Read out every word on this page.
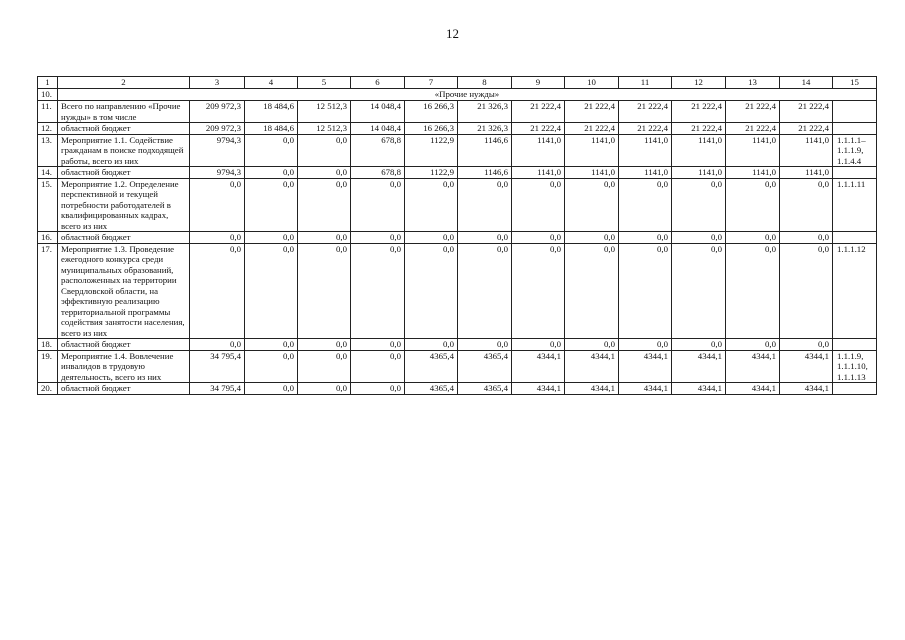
12
1	2	3	4	5	6	7	8	9	10	11	12	13	14	15
10.	«Прочие нужды»													
11.	Всего по направлению «Прочие нужды» в том числе	209 972,3	18 484,6	12 512,3	14 048,4	16 266,3	21 326,3	21 222,4	21 222,4	21 222,4	21 222,4	21 222,4	21 222,4	
12.	областной бюджет	209 972,3	18 484,6	12 512,3	14 048,4	16 266,3	21 326,3	21 222,4	21 222,4	21 222,4	21 222,4	21 222,4	21 222,4	
13.	Мероприятие 1.1. Содействие гражданам в поиске подходящей работы, всего из них	9794,3	0,0	0,0	678,8	1122,9	1146,6	1141,0	1141,0	1141,0	1141,0	1141,0	1141,0	1.1.1.1– 1.1.1.9, 1.1.4.4
14.	областной бюджет	9794,3	0,0	0,0	678,8	1122,9	1146,6	1141,0	1141,0	1141,0	1141,0	1141,0	1141,0	
15.	Мероприятие 1.2. Определение перспективной и текущей потребности работодателей в квалифицированных кадрах, всего из них	0,0	0,0	0,0	0,0	0,0	0,0	0,0	0,0	0,0	0,0	0,0	0,0	1.1.1.11
16.	областной бюджет	0,0	0,0	0,0	0,0	0,0	0,0	0,0	0,0	0,0	0,0	0,0	0,0	
17.	Мероприятие 1.3. Проведение ежегодного конкурса среди муниципальных образований, расположенных на территории Свердловской области, на эффективную реализацию территориальной программы содействия занятости населения, всего из них	0,0	0,0	0,0	0,0	0,0	0,0	0,0	0,0	0,0	0,0	0,0	0,0	1.1.1.12
18.	областной бюджет	0,0	0,0	0,0	0,0	0,0	0,0	0,0	0,0	0,0	0,0	0,0	0,0	
19.	Мероприятие 1.4. Вовлечение инвалидов в трудовую деятельность, всего из них	34 795,4	0,0	0,0	0,0	4365,4	4365,4	4344,1	4344,1	4344,1	4344,1	4344,1	4344,1	1.1.1.9, 1.1.1.10, 1.1.1.13
20.	областной бюджет	34 795,4	0,0	0,0	0,0	4365,4	4365,4	4344,1	4344,1	4344,1	4344,1	4344,1	4344,1	
